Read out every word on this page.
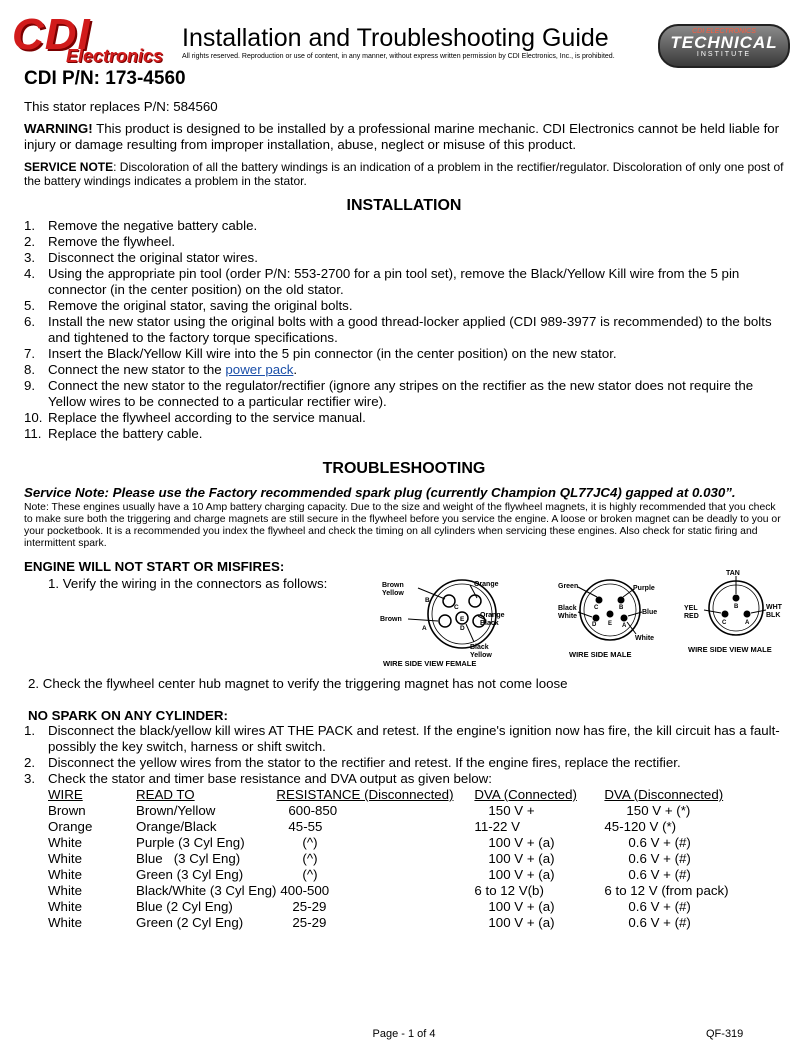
CDI
Electronics
Installation and Troubleshooting Guide
All rights reserved. Reproduction or use of content, in any manner, without express written permission by CDI Electronics, Inc., is prohibited.
CDI ELECTRONICS
TECHNICAL
INSTITUTE
CDI P/N: 173-4560
This stator replaces P/N: 584560
WARNING! This product is designed to be installed by a professional marine mechanic. CDI Electronics cannot be held liable for injury or damage resulting from improper installation, abuse, neglect or misuse of this product.
SERVICE NOTE: Discoloration of all the battery windings is an indication of a problem in the rectifier/regulator. Discoloration of only one post of the battery windings indicates a problem in the stator.
INSTALLATION
1. Remove the negative battery cable.
2. Remove the flywheel.
3. Disconnect the original stator wires.
4. Using the appropriate pin tool (order P/N: 553-2700 for a pin tool set), remove the Black/Yellow Kill wire from the 5 pin connector (in the center position) on the old stator.
5. Remove the original stator, saving the original bolts.
6. Install the new stator using the original bolts with a good thread-locker applied (CDI 989-3977 is recommended) to the bolts and tightened to the factory torque specifications.
7. Insert the Black/Yellow Kill wire into the 5 pin connector (in the center position) on the new stator.
8. Connect the new stator to the power pack.
9. Connect the new stator to the regulator/rectifier (ignore any stripes on the rectifier as the new stator does not require the Yellow wires to be connected to a particular rectifier wire).
10. Replace the flywheel according to the service manual.
11. Replace the battery cable.
TROUBLESHOOTING
Service Note: Please use the Factory recommended spark plug (currently Champion QL77JC4) gapped at 0.030”.
Note: These engines usually have a 10 Amp battery charging capacity. Due to the size and weight of the flywheel magnets, it is highly recommended that you check to make sure both the triggering and charge magnets are still secure in the flywheel before you service the engine. A loose or broken magnet can be deadly to you or your pocketbook. It is a recommended you index the flywheel and check the timing on all cylinders when servicing these engines. Also check for static firing and intermittent spark.
ENGINE WILL NOT START OR MISFIRES:
1. Verify the wiring in the connectors as follows:
B
C
E
A	D
Brown
Yellow
Orange
Brown
Orange
Black
Black
Yellow
WIRE SIDE VIEW FEMALE
C	B
D E A
Green	Purple
Black
White
Blue
White
WIRE SIDE MALE
B
C	A
TAN
YEL
RED
WHT
BLK
WIRE SIDE VIEW MALE
2. Check the flywheel center hub magnet to verify the triggering magnet has not come loose
NO SPARK ON ANY CYLINDER:
1. Disconnect the black/yellow kill wires AT THE PACK and retest. If the engine's ignition now has fire, the kill circuit has a fault-possibly the key switch, harness or shift switch.
2. Disconnect the yellow wires from the stator to the rectifier and retest. If the engine fires, replace the rectifier.
3. Check the stator and timer base resistance and DVA output as given below:
WIRE	READ TO	RESISTANCE (Disconnected)	DVA (Connected)	DVA (Disconnected)
Brown	Brown/Yellow	600-850	150 V +	150 V + (*)
Orange	Orange/Black	45-55	11-22 V	45-120 V (*)
White	Purple (3 Cyl Eng)	(^)	100 V + (a)	0.6 V + (#)
White	Blue   (3 Cyl Eng)	(^)	100 V + (a)	0.6 V + (#)
White	Green (3 Cyl Eng)	(^)	100 V + (a)	0.6 V + (#)
White	Black/White (3 Cyl Eng)	400-500	6 to 12 V(b)	6 to 12 V (from pack)
White	Blue (2 Cyl Eng)	25-29	100 V + (a)	0.6 V + (#)
White	Green (2 Cyl Eng)	25-29	100 V + (a)	0.6 V + (#)
Page - 1 of 4	QF-319
